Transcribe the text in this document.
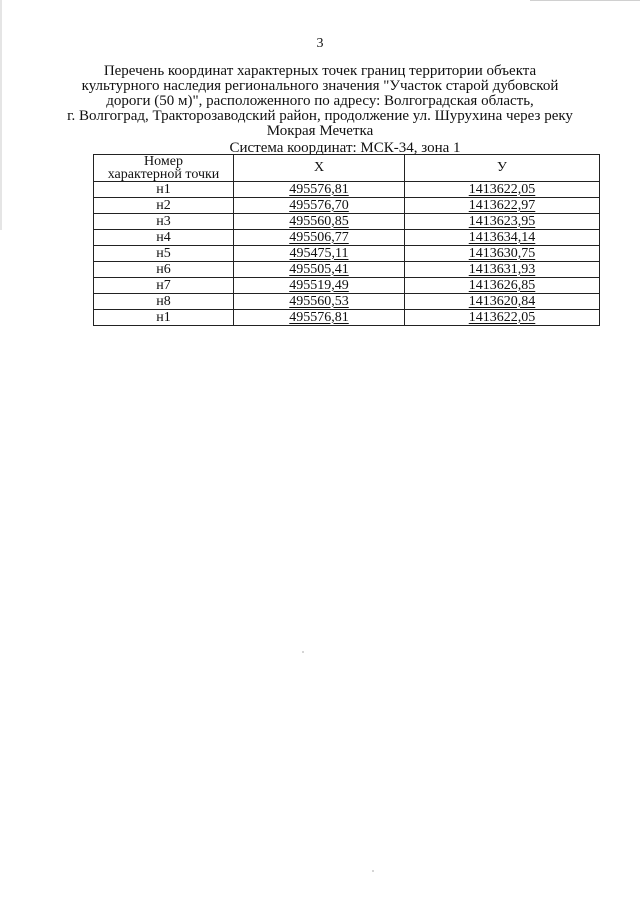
3
Перечень координат характерных точек границ территории объекта
культурного наследия регионального значения "Участок старой дубовской
дороги (50 м)", расположенного по адресу: Волгоградская область,
г. Волгоград, Тракторозаводский район, продолжение ул. Шурухина через реку
Мокрая Мечетка
Система координат: МСК-34, зона 1
Номер
характерной точки	X	У
н1	495576,81	1413622,05
н2	495576,70	1413622,97
н3	495560,85	1413623,95
н4	495506,77	1413634,14
н5	495475,11	1413630,75
н6	495505,41	1413631,93
н7	495519,49	1413626,85
н8	495560,53	1413620,84
н1	495576,81	1413622,05
